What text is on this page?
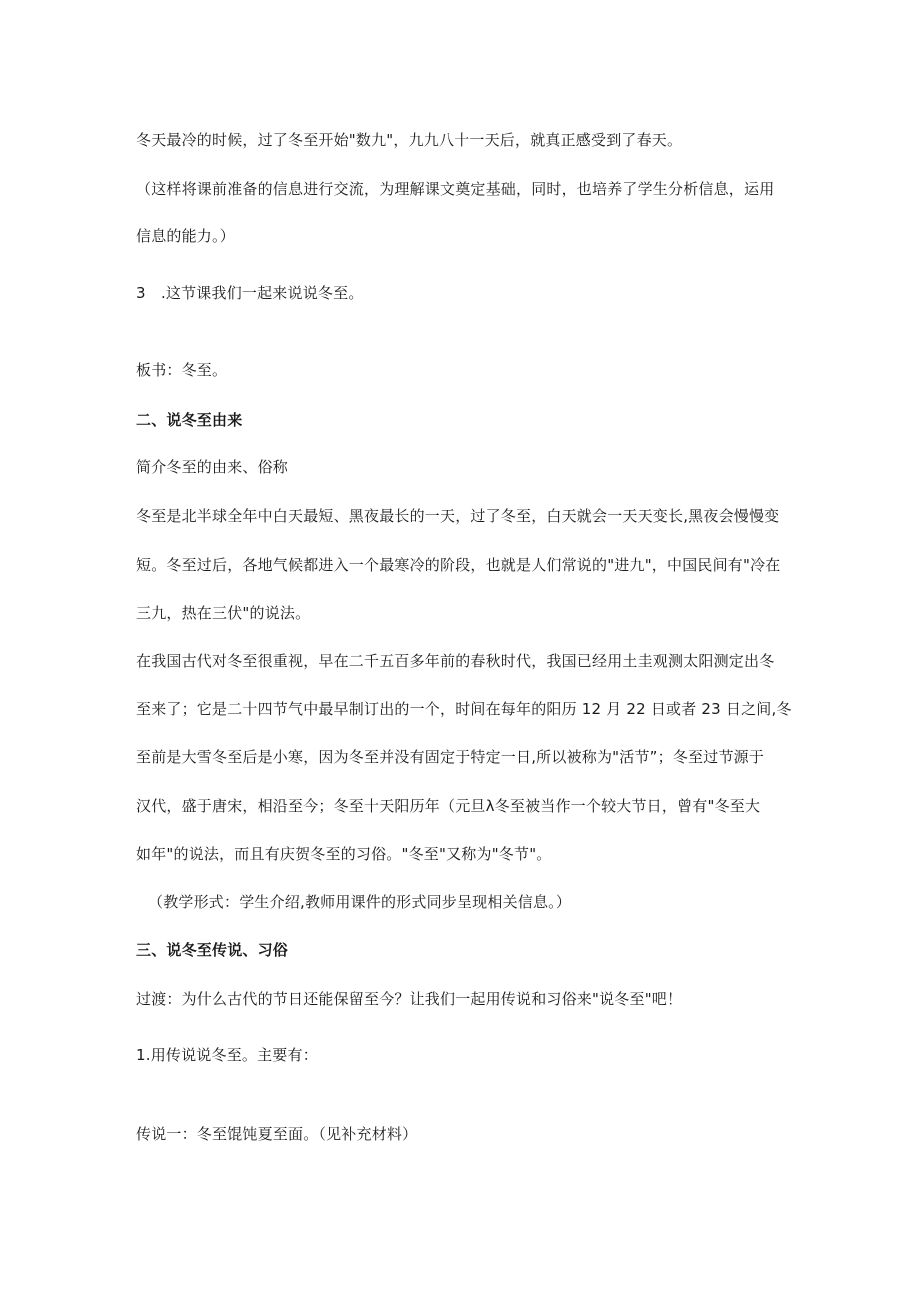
冬天最冷的时候，过了冬至开始"数九"，九九八十一天后，就真正感受到了春天。
（这样将课前准备的信息进行交流，为理解课文奠定基础，同时，也培养了学生分析信息，运用
信息的能力。）
3　.这节课我们一起来说说冬至。
板书：冬至。
二、说冬至由来
简介冬至的由来、俗称
冬至是北半球全年中白天最短、黑夜最长的一天，过了冬至，白天就会一天天变长,黑夜会慢慢变
短。冬至过后，各地气候都进入一个最寒冷的阶段，也就是人们常说的"进九"，中国民间有"冷在
三九，热在三伏"的说法。
在我国古代对冬至很重视，早在二千五百多年前的春秋时代，我国已经用土圭观测太阳测定出冬
至来了；它是二十四节气中最早制订出的一个，时间在每年的阳历 12 月 22 日或者 23 日之间,冬
至前是大雪冬至后是小寒，因为冬至并没有固定于特定一日,所以被称为"活节”；冬至过节源于
汉代，盛于唐宋，相沿至今；冬至十天阳历年（元旦λ冬至被当作一个较大节日，曾有"冬至大
如年"的说法，而且有庆贺冬至的习俗。"冬至"又称为"冬节"。
（教学形式：学生介绍,教师用课件的形式同步呈现相关信息。）
三、说冬至传说、习俗
过渡：为什么古代的节日还能保留至今？让我们一起用传说和习俗来"说冬至"吧！
1.用传说说冬至。主要有：
传说一：冬至馄饨夏至面。（见补充材料）
